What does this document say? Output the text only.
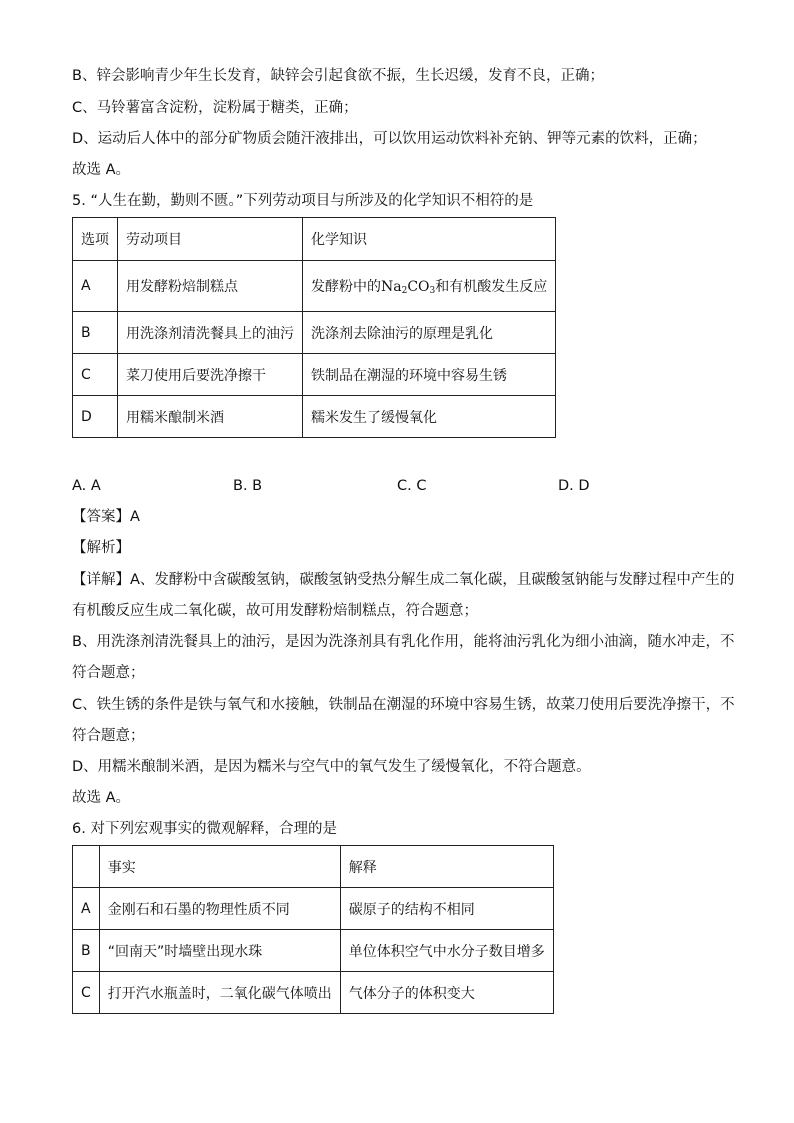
B、锌会影响青少年生长发育，缺锌会引起食欲不振，生长迟缓，发育不良，正确；
C、马铃薯富含淀粉，淀粉属于糖类，正确；
D、运动后人体中的部分矿物质会随汗液排出，可以饮用运动饮料补充钠、钾等元素的饮料，正确；
故选 A。
5. “人生在勤，勤则不匮。”下列劳动项目与所涉及的化学知识不相符的是
选项	劳动项目	化学知识
A	用发酵粉焙制糕点	发酵粉中的$Na_2CO_3$和有机酸发生反应
B	用洗涤剂清洗餐具上的油污	洗涤剂去除油污的原理是乳化
C	菜刀使用后要洗净擦干	铁制品在潮湿的环境中容易生锈
D	用糯米酿制米酒	糯米发生了缓慢氧化
A. A	B. B	C. C	D. D
【答案】A
【解析】
【详解】A、发酵粉中含碳酸氢钠，碳酸氢钠受热分解生成二氧化碳，且碳酸氢钠能与发酵过程中产生的
有机酸反应生成二氧化碳，故可用发酵粉焙制糕点，符合题意；
B、用洗涤剂清洗餐具上的油污，是因为洗涤剂具有乳化作用，能将油污乳化为细小油滴，随水冲走，不
符合题意；
C、铁生锈的条件是铁与氧气和水接触，铁制品在潮湿的环境中容易生锈，故菜刀使用后要洗净擦干，不
符合题意；
D、用糯米酿制米酒，是因为糯米与空气中的氧气发生了缓慢氧化，不符合题意。
故选 A。
6. 对下列宏观事实的微观解释，合理的是
	事实	解释
A	金刚石和石墨的物理性质不同	碳原子的结构不相同
B	“回南天”时墙壁出现水珠	单位体积空气中水分子数目增多
C	打开汽水瓶盖时，二氧化碳气体喷出	气体分子的体积变大
